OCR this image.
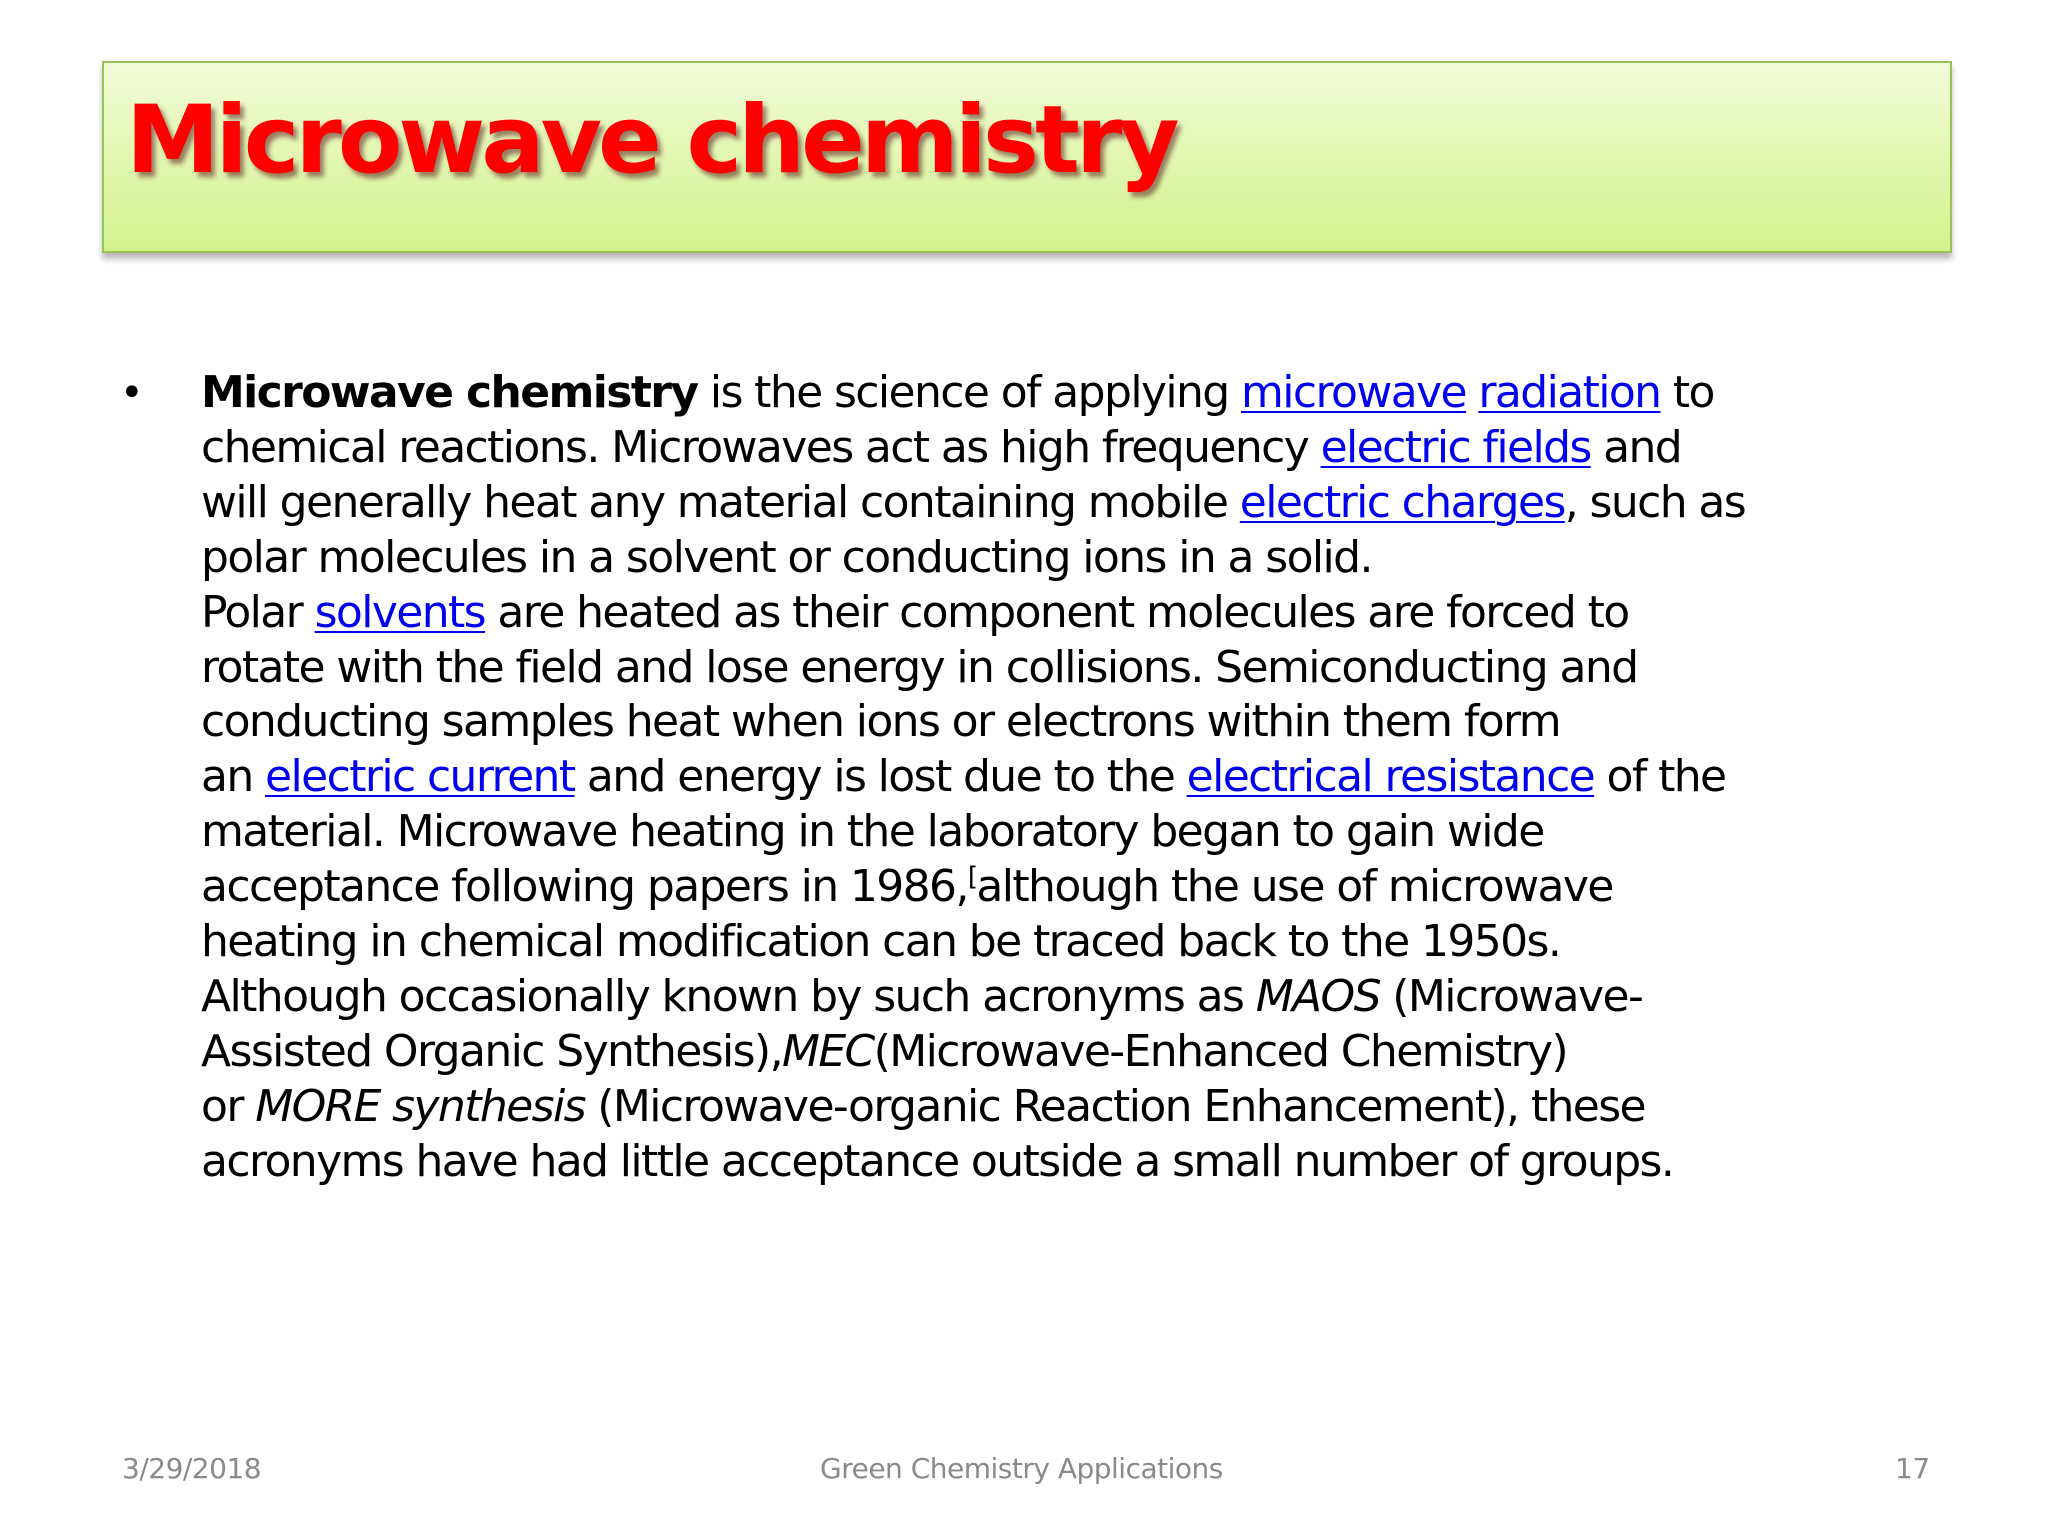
Microwave chemistry
•	Microwave chemistry is the science of applying microwave radiation to
chemical reactions. Microwaves act as high frequency electric fields and
will generally heat any material containing mobile electric charges, such as
polar molecules in a solvent or conducting ions in a solid.
Polar solvents are heated as their component molecules are forced to
rotate with the field and lose energy in collisions. Semiconducting and
conducting samples heat when ions or electrons within them form
an electric current and energy is lost due to the electrical resistance of the
material. Microwave heating in the laboratory began to gain wide
acceptance following papers in 1986,[although the use of microwave
heating in chemical modification can be traced back to the 1950s.
Although occasionally known by such acronyms as MAOS (Microwave-
Assisted Organic Synthesis),MEC(Microwave-Enhanced Chemistry)
or MORE synthesis (Microwave-organic Reaction Enhancement), these
acronyms have had little acceptance outside a small number of groups.
3/29/2018	Green Chemistry Applications	17
